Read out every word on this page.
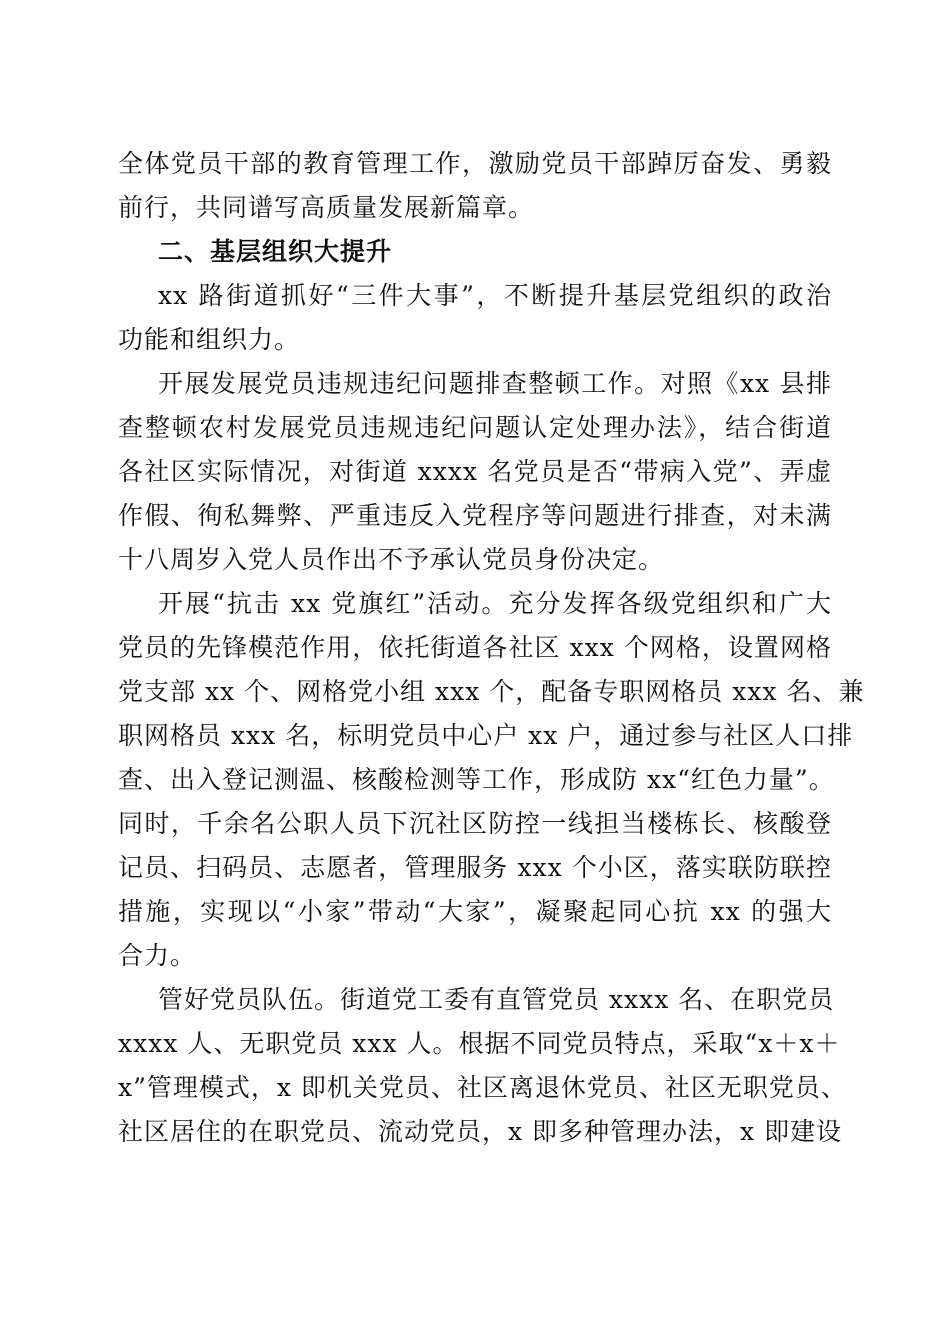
全体党员干部的教育管理工作，激励党员干部踔厉奋发、勇毅
前行，共同谱写高质量发展新篇章。
二、基层组织大提升
xx 路街道抓好“三件大事”，不断提升基层党组织的政治
功能和组织力。
开展发展党员违规违纪问题排查整顿工作。对照《xx 县排
查整顿农村发展党员违规违纪问题认定处理办法》，结合街道
各社区实际情况，对街道 xxxx 名党员是否“带病入党”、弄虚
作假、徇私舞弊、严重违反入党程序等问题进行排查，对未满
十八周岁入党人员作出不予承认党员身份决定。
开展“抗击 xx 党旗红”活动。充分发挥各级党组织和广大
党员的先锋模范作用，依托街道各社区 xxx 个网格，设置网格
党支部 xx 个、网格党小组 xxx 个，配备专职网格员 xxx 名、兼
职网格员 xxx 名，标明党员中心户 xx 户，通过参与社区人口排
查、出入登记测温、核酸检测等工作，形成防 xx“红色力量”。
同时，千余名公职人员下沉社区防控一线担当楼栋长、核酸登
记员、扫码员、志愿者，管理服务 xxx 个小区，落实联防联控
措施，实现以“小家”带动“大家”，凝聚起同心抗 xx 的强大
合力。
管好党员队伍。街道党工委有直管党员 xxxx 名、在职党员
xxxx 人、无职党员 xxx 人。根据不同党员特点，采取“x＋x＋
x”管理模式，x 即机关党员、社区离退休党员、社区无职党员、
社区居住的在职党员、流动党员，x 即多种管理办法，x 即建设
